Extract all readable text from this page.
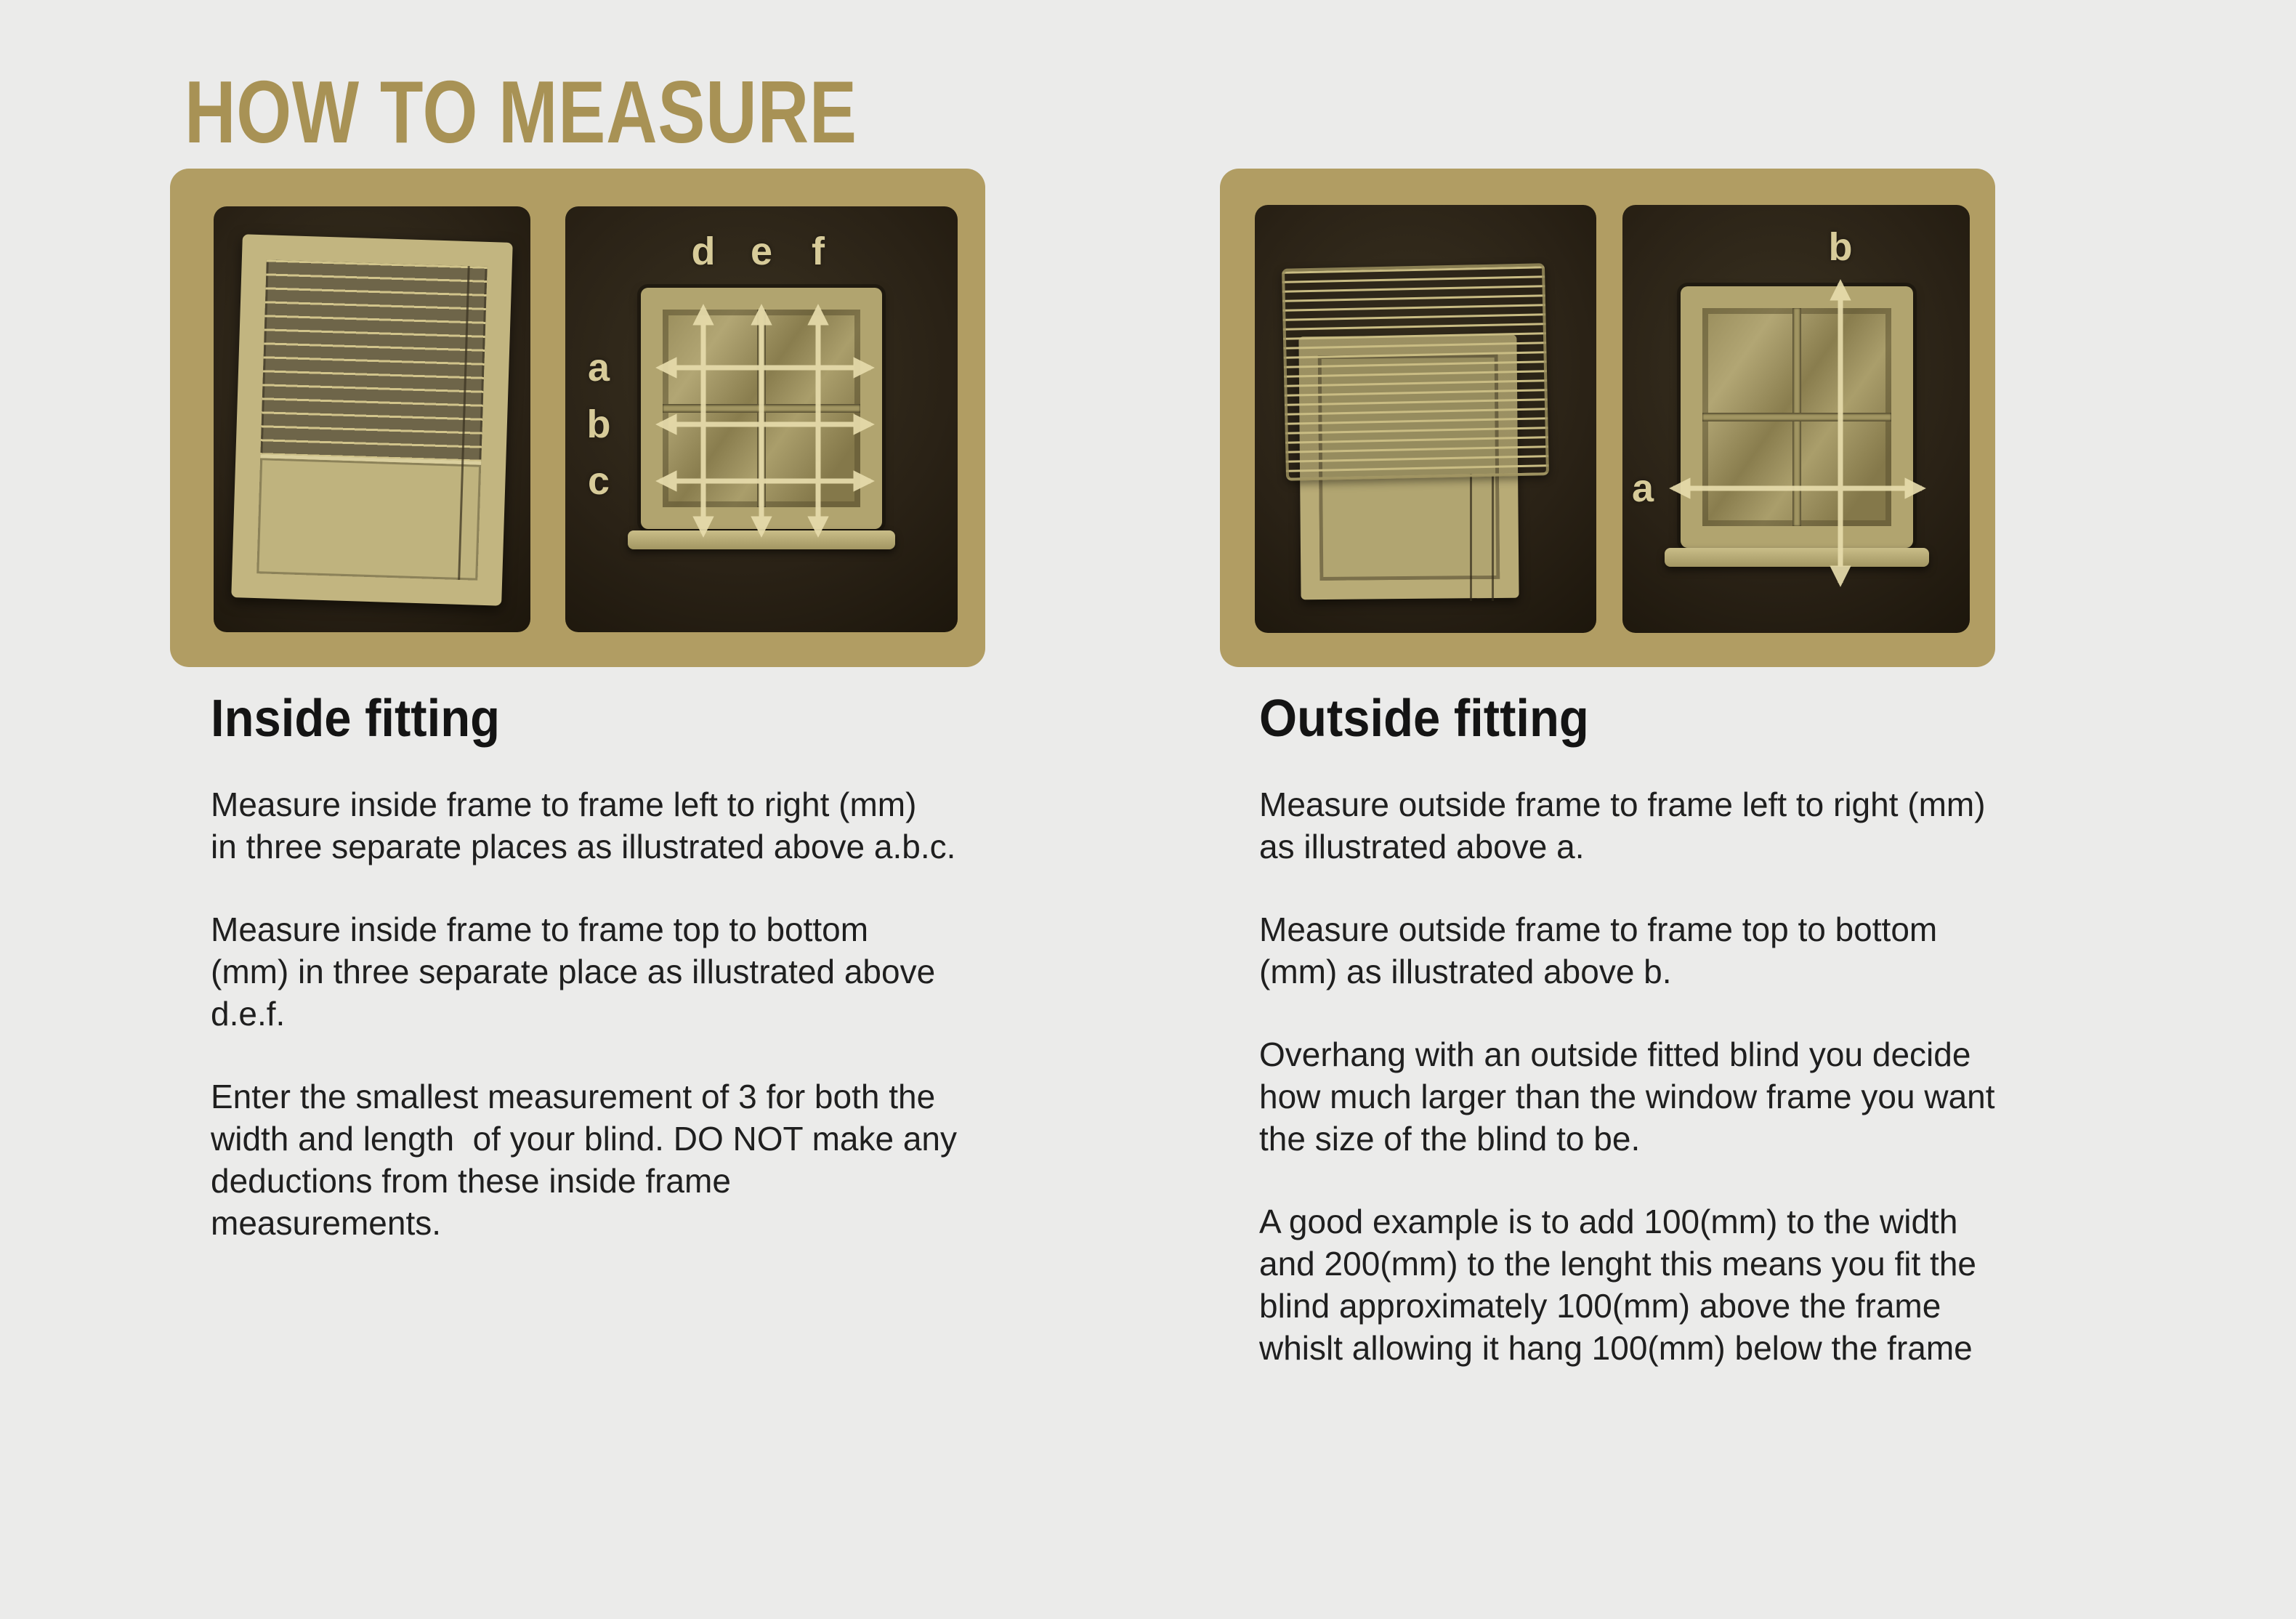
HOW TO MEASURE
d e f
a
b
c
b
a
Inside fitting
Measure inside frame to frame left to right (mm)
in three separate places as illustrated above a.b.c.
Measure inside frame to frame top to bottom
(mm) in three separate place as illustrated above
d.e.f.
Enter the smallest measurement of 3 for both the
width and length  of your blind. DO NOT make any
deductions from these inside frame
measurements.
Outside fitting
Measure outside frame to frame left to right (mm)
as illustrated above a.
Measure outside frame to frame top to bottom
(mm) as illustrated above b.
Overhang with an outside fitted blind you decide
how much larger than the window frame you want
the size of the blind to be.
A good example is to add 100(mm) to the width
and 200(mm) to the lenght this means you fit the
blind approximately 100(mm) above the frame
whislt allowing it hang 100(mm) below the frame
